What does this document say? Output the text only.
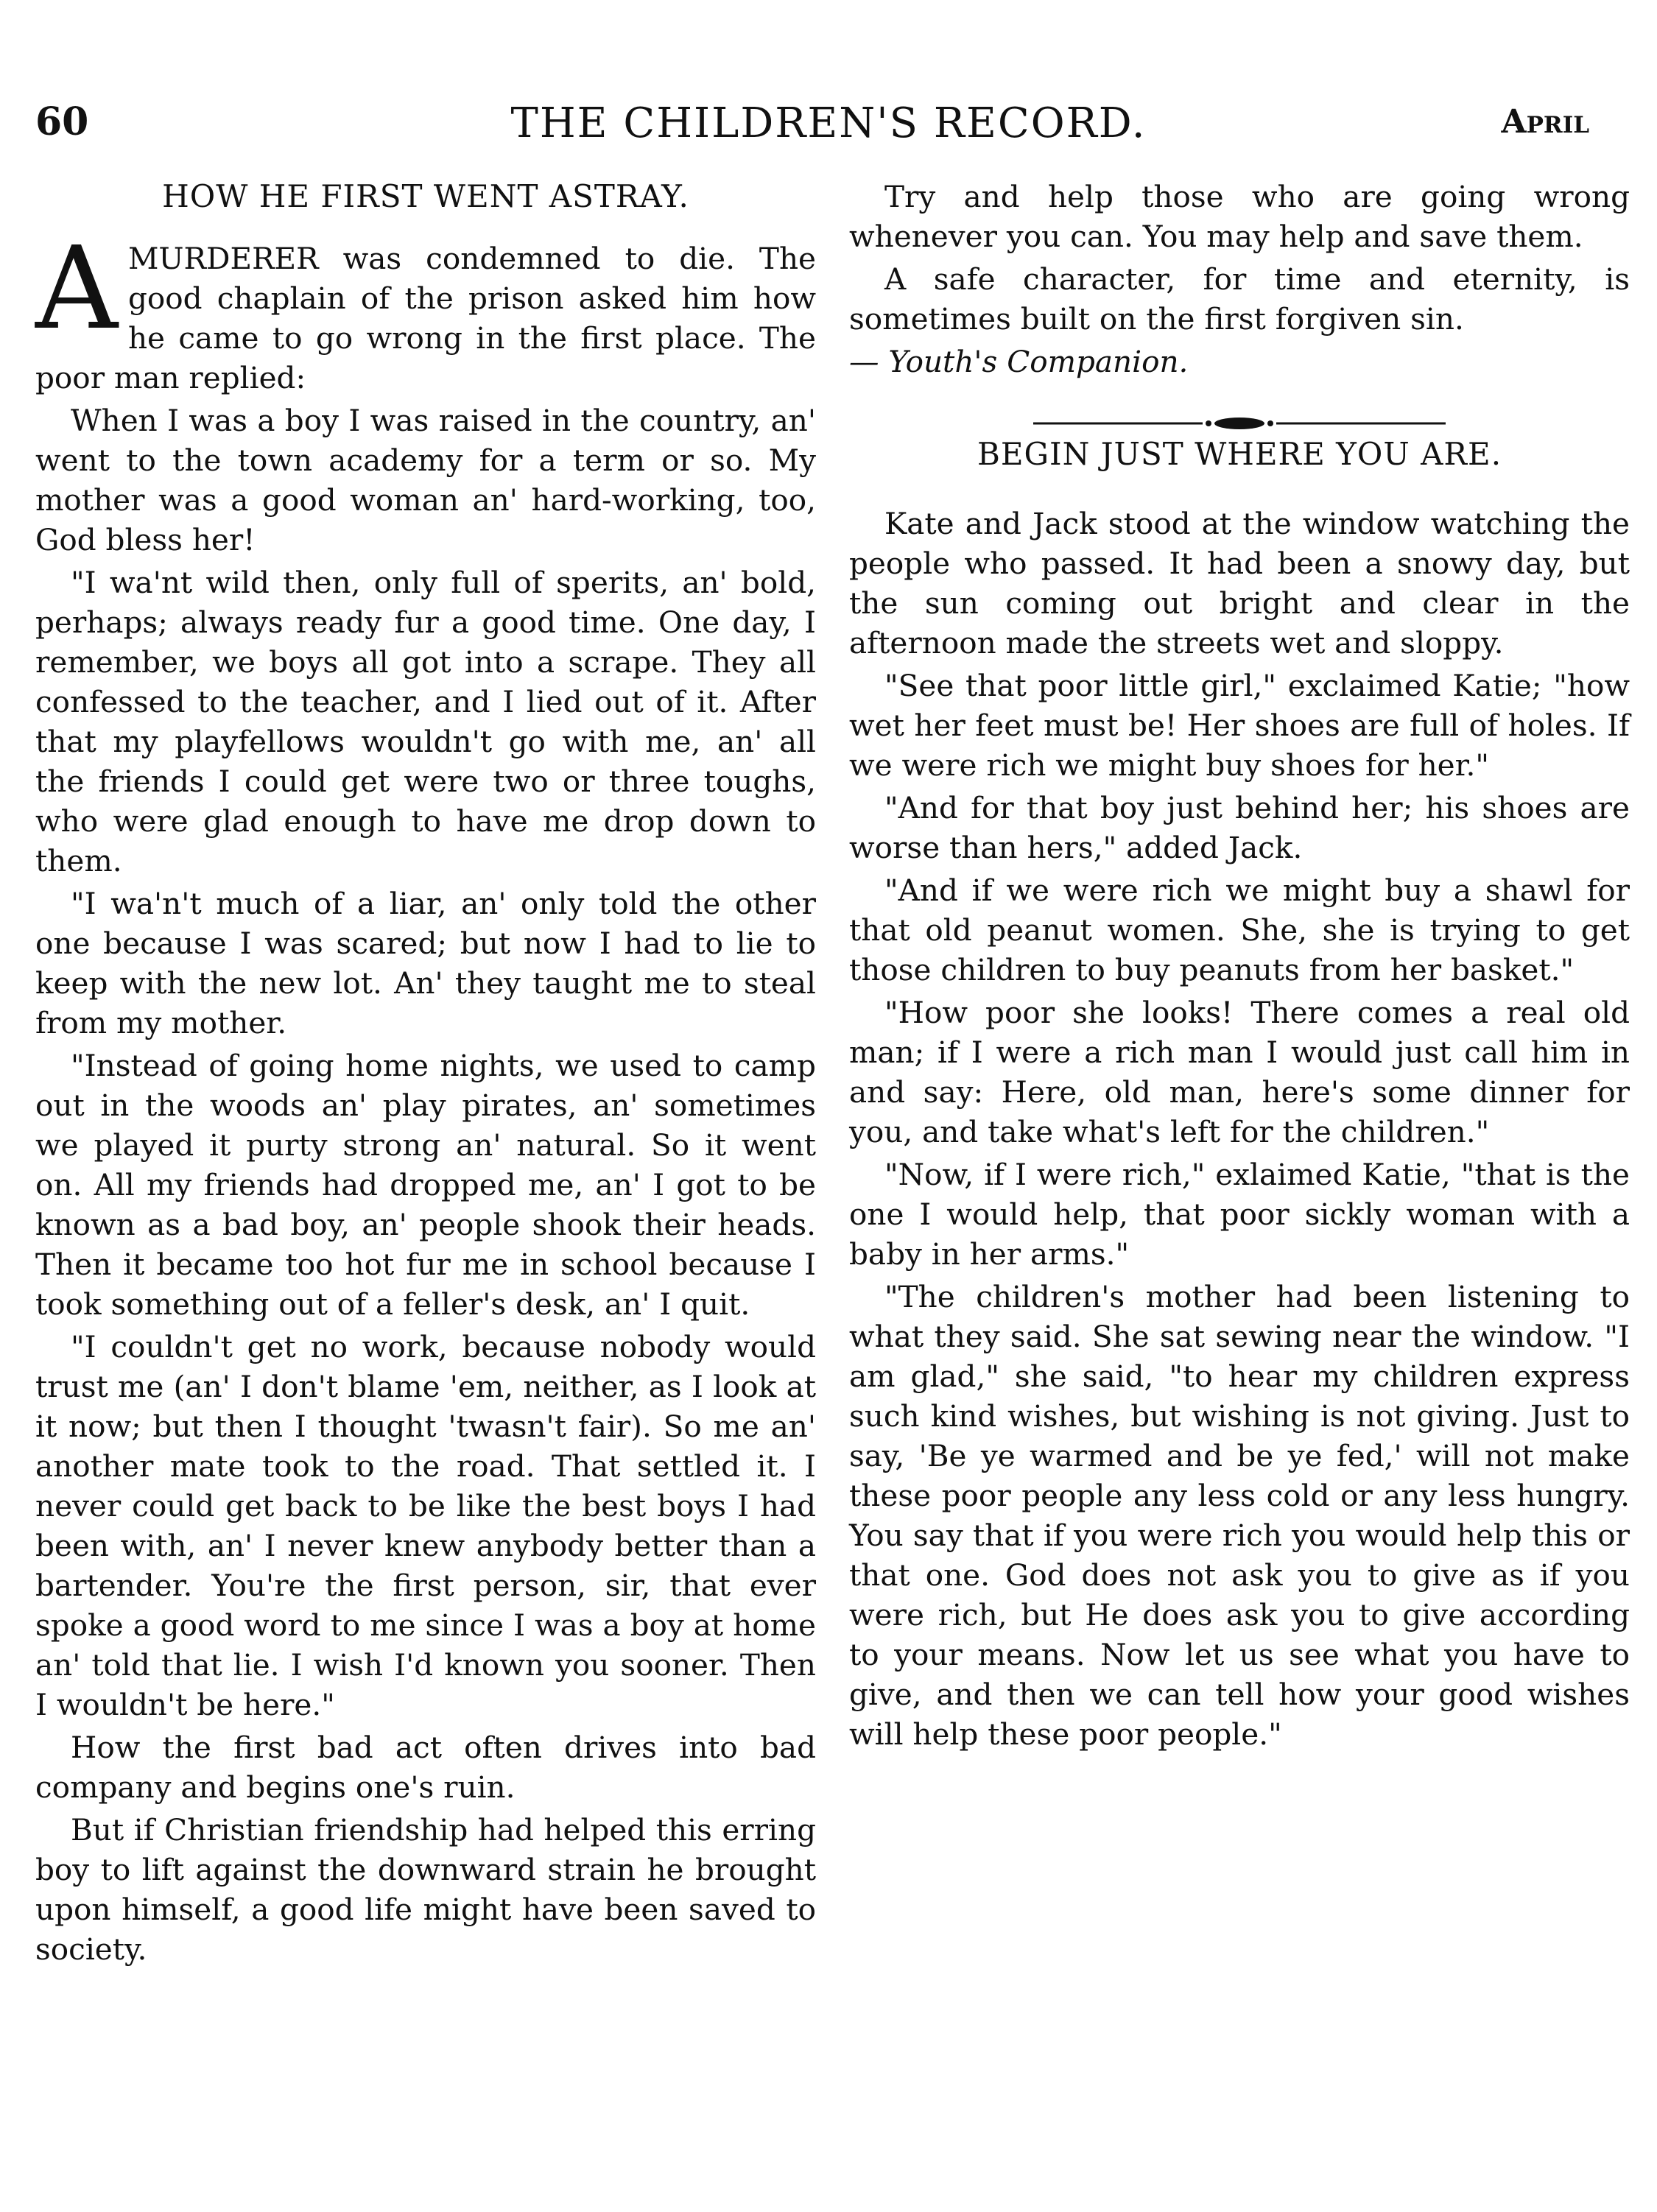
60	THE CHILDREN'S RECORD.	April
HOW HE FIRST WENT ASTRAY.

AMURDERER was condemned to die. The good chaplain of the prison asked him how he came to go wrong in the first place. The poor man replied:

When I was a boy I was raised in the country, an' went to the town academy for a term or so. My mother was a good woman an' hard-working, too, God bless her!

"I wa'nt wild then, only full of sperits, an' bold, perhaps; always ready fur a good time. One day, I remember, we boys all got into a scrape. They all confessed to the teacher, and I lied out of it. After that my playfellows wouldn't go with me, an' all the friends I could get were two or three toughs, who were glad enough to have me drop down to them.

"I wa'n't much of a liar, an' only told the other one because I was scared; but now I had to lie to keep with the new lot. An' they taught me to steal from my mother.

"Instead of going home nights, we used to camp out in the woods an' play pirates, an' sometimes we played it purty strong an' natural. So it went on. All my friends had dropped me, an' I got to be known as a bad boy, an' people shook their heads. Then it became too hot fur me in school because I took something out of a feller's desk, an' I quit.

"I couldn't get no work, because nobody would trust me (an' I don't blame 'em, neither, as I look at it now; but then I thought 'twasn't fair). So me an' another mate took to the road. That settled it. I never could get back to be like the best boys I had been with, an' I never knew anybody better than a bartender. You're the first person, sir, that ever spoke a good word to me since I was a boy at home an' told that lie. I wish I'd known you sooner. Then I wouldn't be here."

How the first bad act often drives into bad company and begins one's ruin.

But if Christian friendship had helped this erring boy to lift against the downward strain he brought upon himself, a good life might have been saved to society.

Try and help those who are going wrong whenever you can. You may help and save them.

A safe character, for time and eternity, is sometimes built on the first forgiven sin.

— Youth's Companion.

BEGIN JUST WHERE YOU ARE.

Kate and Jack stood at the window watching the people who passed. It had been a snowy day, but the sun coming out bright and clear in the afternoon made the streets wet and sloppy.

"See that poor little girl," exclaimed Katie; "how wet her feet must be! Her shoes are full of holes. If we were rich we might buy shoes for her."

"And for that boy just behind her; his shoes are worse than hers," added Jack.

"And if we were rich we might buy a shawl for that old peanut women. She, she is trying to get those children to buy peanuts from her basket."

"How poor she looks! There comes a real old man; if I were a rich man I would just call him in and say: Here, old man, here's some dinner for you, and take what's left for the children."

"Now, if I were rich," exlaimed Katie, "that is the one I would help, that poor sickly woman with a baby in her arms."

"The children's mother had been listening to what they said. She sat sewing near the window. "I am glad," she said, "to hear my children express such kind wishes, but wishing is not giving. Just to say, 'Be ye warmed and be ye fed,' will not make these poor people any less cold or any less hungry. You say that if you were rich you would help this or that one. God does not ask you to give as if you were rich, but He does ask you to give according to your means. Now let us see what you have to give, and then we can tell how your good wishes will help these poor people."
